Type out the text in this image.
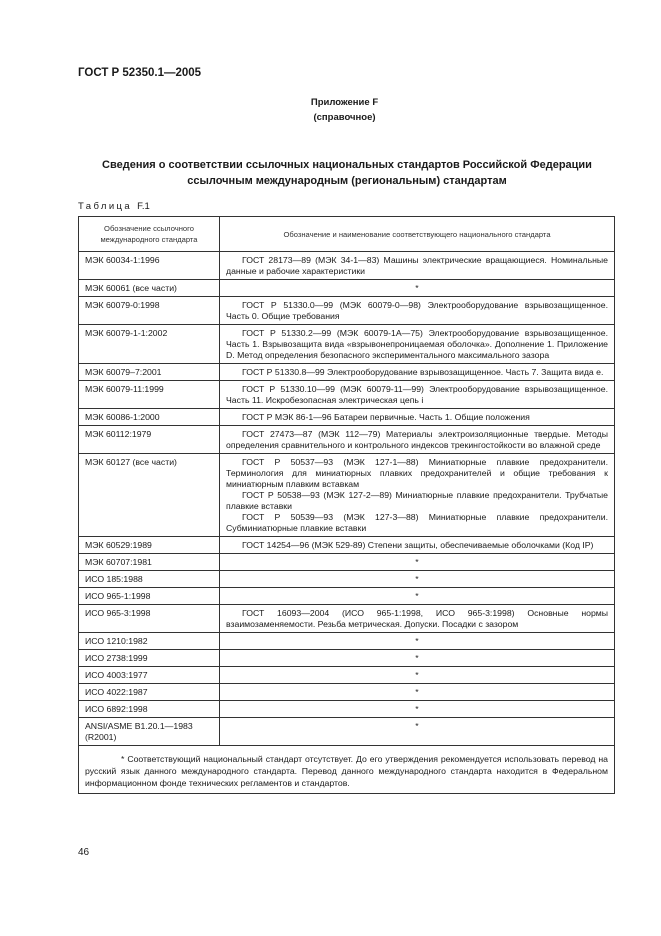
ГОСТ Р 52350.1—2005
Приложение F
(справочное)
Сведения о соответствии ссылочных национальных стандартов Российской Федерации
ссылочным международным (региональным) стандартам
Таблица F.1
Обозначение ссылочного
международного стандарта	Обозначение и наименование соответствующего национального стандарта
МЭК 60034-1:1996	ГОСТ 28173—89 (МЭК 34-1—83) Машины электрические вращающиеся. Номинальные данные и рабочие характеристики

МЭК 60061 (все части)	*

МЭК 60079-0:1998	ГОСТ Р 51330.0—99 (МЭК 60079-0—98) Электрооборудование взрывозащищенное. Часть 0. Общие требования

МЭК 60079-1-1:2002	ГОСТ Р 51330.2—99 (МЭК 60079-1А—75) Электрооборудование взрывозащищенное. Часть 1. Взрывозащита вида «взрывонепроницаемая оболочка». Дополнение 1. Приложение D. Метод определения безопасного экспериментального максимального зазора

МЭК 60079–7:2001	ГОСТ Р 51330.8—99 Электрооборудование взрывозащищенное. Часть 7. Защита вида е.

МЭК 60079-11:1999	ГОСТ Р 51330.10—99 (МЭК 60079-11—99) Электрооборудование взрывозащищенное. Часть 11. Искробезопасная электрическая цепь i

МЭК 60086-1:2000	ГОСТ Р МЭК 86-1—96 Батареи первичные. Часть 1. Общие положения

МЭК 60112:1979	ГОСТ 27473—87 (МЭК 112—79) Материалы электроизоляционные твердые. Методы определения сравнительного и контрольного индексов трекингостойкости во влажной среде

МЭК 60127 (все части)	ГОСТ Р 50537—93 (МЭК 127-1—88) Миниатюрные плавкие предохранители. Терминология для миниатюрных плавких предохранителей и общие требования к миниатюрным плавким вставкам
ГОСТ Р 50538—93 (МЭК 127-2—89) Миниатюрные плавкие предохранители. Трубчатые плавкие вставки
ГОСТ Р 50539—93 (МЭК 127-3—88) Миниатюрные плавкие предохранители. Субминиатюрные плавкие вставки

МЭК 60529:1989	ГОСТ 14254—96 (МЭК 529-89) Степени защиты, обеспечиваемые оболочками (Код IP)

МЭК 60707:1981	*

ИСО 185:1988	*

ИСО 965-1:1998	*

ИСО 965-3:1998	ГОСТ 16093—2004 (ИСО 965-1:1998, ИСО 965-3:1998) Основные нормы взаимозаменяемости. Резьба метрическая. Допуски. Посадки с зазором

ИСО 1210:1982	*

ИСО 2738:1999	*

ИСО 4003:1977	*

ИСО 4022:1987	*

ИСО 6892:1998	*

ANSI/ASME B1.20.1—1983 (R2001)	*

* Соответствующий национальный стандарт отсутствует. До его утверждения рекомендуется использовать перевод на русский язык данного международного стандарта. Перевод данного международного стандарта находится в Федеральном информационном фонде технических регламентов и стандартов.	
46
